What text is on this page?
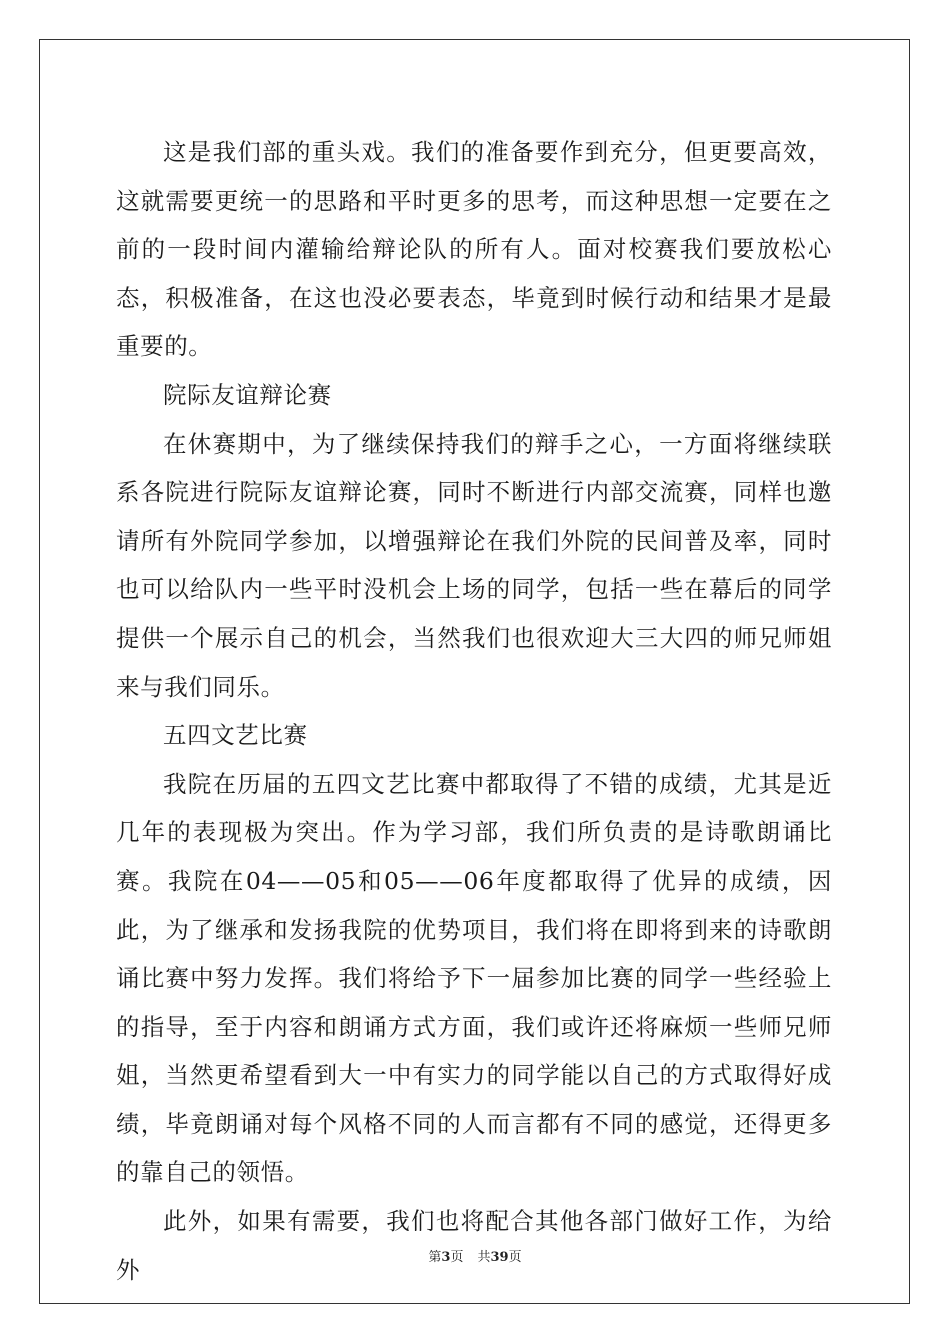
这是我们部的重头戏。我们的准备要作到充分，但更要高效，这就需要更统一的思路和平时更多的思考，而这种思想一定要在之前的一段时间内灌输给辩论队的所有人。面对校赛我们要放松心态，积极准备，在这也没必要表态，毕竟到时候行动和结果才是最重要的。

院际友谊辩论赛

在休赛期中，为了继续保持我们的辩手之心，一方面将继续联系各院进行院际友谊辩论赛，同时不断进行内部交流赛，同样也邀请所有外院同学参加，以增强辩论在我们外院的民间普及率，同时也可以给队内一些平时没机会上场的同学，包括一些在幕后的同学提供一个展示自己的机会，当然我们也很欢迎大三大四的师兄师姐来与我们同乐。

五四文艺比赛

我院在历届的五四文艺比赛中都取得了不错的成绩，尤其是近几年的表现极为突出。作为学习部，我们所负责的是诗歌朗诵比赛。我院在04——05和05——06年度都取得了优异的成绩，因此，为了继承和发扬我院的优势项目，我们将在即将到来的诗歌朗诵比赛中努力发挥。我们将给予下一届参加比赛的同学一些经验上的指导，至于内容和朗诵方式方面，我们或许还将麻烦一些师兄师姐，当然更希望看到大一中有实力的同学能以自己的方式取得好成绩，毕竟朗诵对每个风格不同的人而言都有不同的感觉，还得更多的靠自己的领悟。

此外，如果有需要，我们也将配合其他各部门做好工作，为给外	第3页 共39页
